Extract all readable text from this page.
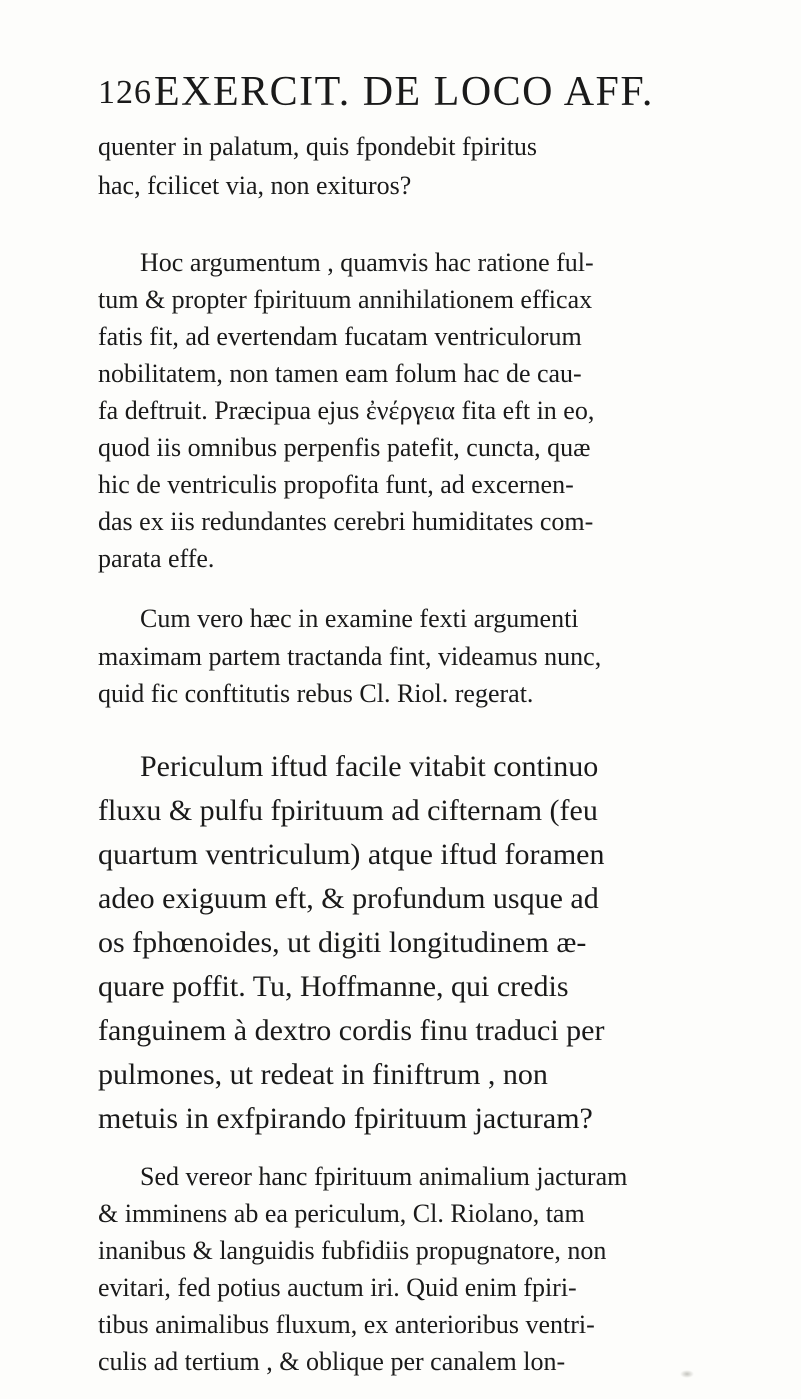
126 EXERCIT. DE LOCO AFF.
quenter in palatum, quis fpondebit fpiritus
hac, fcilicet via, non exituros?
Hoc argumentum , quamvis hac ratione ful-
tum & propter fpirituum annihilationem efficax
fatis fit, ad evertendam fucatam ventriculorum
nobilitatem, non tamen eam folum hac de cau-
fa deftruit. Præcipua ejus ἐνέργεια fita eft in eo,
quod iis omnibus perpenfis patefit, cuncta, quæ
hic de ventriculis propofita funt, ad excernen-
das ex iis redundantes cerebri humiditates com-
parata effe.
Cum vero hæc in examine fexti argumenti
maximam partem tractanda fint, videamus nunc,
quid fic conftitutis rebus Cl. Riol. regerat.
Periculum iftud facile vitabit continuo
fluxu & pulfu fpirituum ad cifternam (feu
quartum ventriculum) atque iftud foramen
adeo exiguum eft, & profundum usque ad
os fphœnoides, ut digiti longitudinem æ-
quare poffit. Tu, Hoffmanne, qui credis
fanguinem à dextro cordis finu traduci per
pulmones, ut redeat in finiftrum , non
metuis in exfpirando fpirituum jacturam?
Sed vereor hanc fpirituum animalium jacturam
& imminens ab ea periculum, Cl. Riolano, tam
inanibus & languidis fubfidiis propugnatore, non
evitari, fed potius auctum iri. Quid enim fpiri-
tibus animalibus fluxum, ex anterioribus ventri-
culis ad tertium , & oblique per canalem lon-
